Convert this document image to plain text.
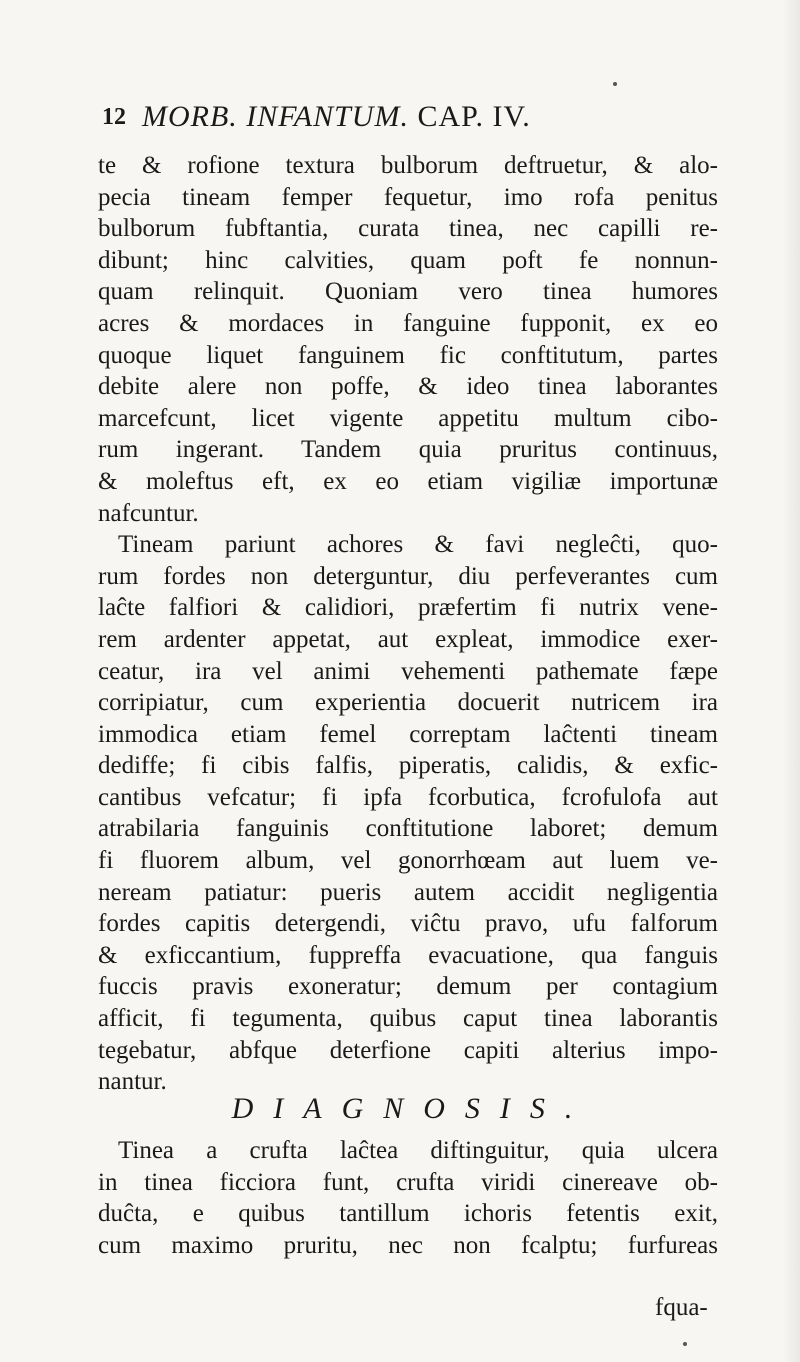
12 MORB. INFANTUM. CAP. IV.
te & rofione textura bulborum deftruetur, & alo-
pecia tineam femper fequetur, imo rofa penitus
bulborum fubftantia, curata tinea, nec capilli re-
dibunt; hinc calvities, quam poft fe nonnun-
quam relinquit. Quoniam vero tinea humores
acres & mordaces in fanguine fupponit, ex eo
quoque liquet fanguinem fic conftitutum, partes
debite alere non poffe, & ideo tinea laborantes
marcefcunt, licet vigente appetitu multum cibo-
rum ingerant. Tandem quia pruritus continuus,
& moleftus eft, ex eo etiam vigiliæ importunæ
nafcuntur.
Tineam pariunt achores & favi negleĉti, quo-
rum fordes non deterguntur, diu perfeverantes cum
laĉte falfiori & calidiori, præfertim fi nutrix vene-
rem ardenter appetat, aut expleat, immodice exer-
ceatur, ira vel animi vehementi pathemate fæpe
corripiatur, cum experientia docuerit nutricem ira
immodica etiam femel correptam laĉtenti tineam
dediffe; fi cibis falfis, piperatis, calidis, & exfic-
cantibus vefcatur; fi ipfa fcorbutica, fcrofulofa aut
atrabilaria fanguinis conftitutione laboret; demum
fi fluorem album, vel gonorrhœam aut luem ve-
neream patiatur: pueris autem accidit negligentia
fordes capitis detergendi, viĉtu pravo, ufu falforum
& exficcantium, fuppreffa evacuatione, qua fanguis
fuccis pravis exoneratur; demum per contagium
afficit, fi tegumenta, quibus caput tinea laborantis
tegebatur, abfque deterfione capiti alterius impo-
nantur.
DIAGNOSIS.
Tinea a crufta laĉtea diftinguitur, quia ulcera
in tinea ficciora funt, crufta viridi cinereave ob-
duĉta, e quibus tantillum ichoris fetentis exit,
cum maximo pruritu, nec non fcalptu; furfureas
fqua-
